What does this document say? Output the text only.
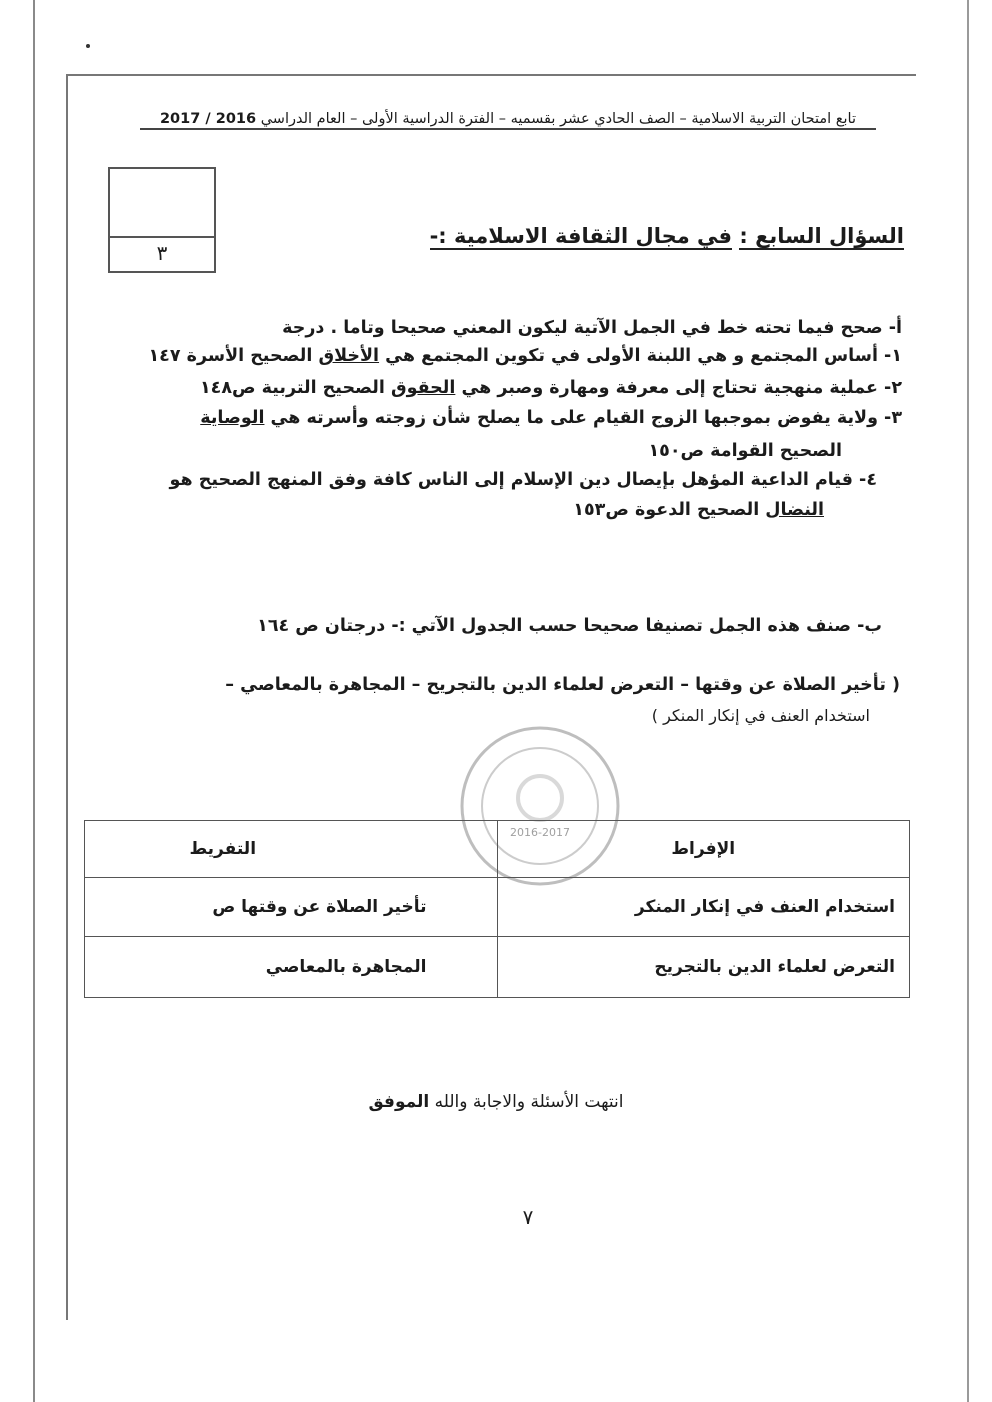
تابع امتحان التربية الاسلامية – الصف الحادي عشر بقسميه – الفترة الدراسية الأولى – العام الدراسي 2016 / 2017
٣
السؤال السابع : في مجال الثقافة الاسلامية :-
أ- صحح فيما تحته خط في الجمل الآتية ليكون المعني صحيحا وتاما . درجة
١- أساس المجتمع و هي اللبنة الأولى في تكوين المجتمع هي الأخلاق الصحيح الأسرة ١٤٧
٢- عملية منهجية تحتاج إلى معرفة ومهارة وصبر هي الحقوق الصحيح التربية ص١٤٨
٣- ولاية يفوض بموجبها الزوج القيام على ما يصلح شأن زوجته وأسرته هي الوصاية
الصحيح القوامة ص١٥٠
٤- قيام الداعية المؤهل بإيصال دين الإسلام إلى الناس كافة وفق المنهج الصحيح هو
النضال الصحيح الدعوة ص١٥٣
ب- صنف هذه الجمل تصنيفا صحيحا حسب الجدول الآتي :- درجتان ص ١٦٤
( تأخير الصلاة عن وقتها – التعرض لعلماء الدين بالتجريح – المجاهرة بالمعاصي –
استخدام العنف في إنكار المنكر )
2016-2017
الإفراط	التفريط
استخدام العنف في إنكار المنكر	تأخير الصلاة عن وقتها ص
التعرض لعلماء الدين بالتجريح	المجاهرة بالمعاصي
انتهت الأسئلة والاجابة والله الموفق
٧
